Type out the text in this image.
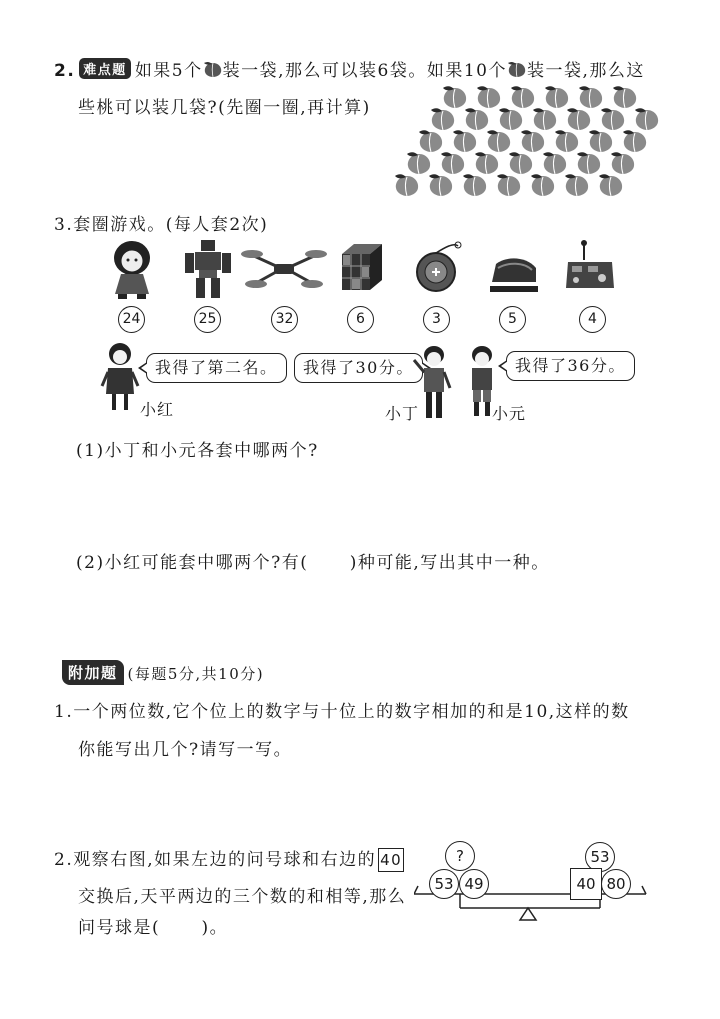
2. 难点题 如果5个 装一袋,那么可以装6袋。如果10个 装一袋,那么这
些桃可以装几袋?(先圈一圈,再计算)
3.套圈游戏。(每人套2次)
24	25	32	6	3	5	4
我得了第二名。	我得了30分。	我得了36分。
小红	小丁	小元
(1)小丁和小元各套中哪两个?
(2)小红可能套中哪两个?有(      )种可能,写出其中一种。
附加题 (每题5分,共10分)
1.一个两位数,它个位上的数字与十位上的数字相加的和是10,这样的数
你能写出几个?请写一写。
2.观察右图,如果左边的问号球和右边的 40
交换后,天平两边的三个数的和相等,那么
问号球是(      )。
?
53 49
53
40 80
